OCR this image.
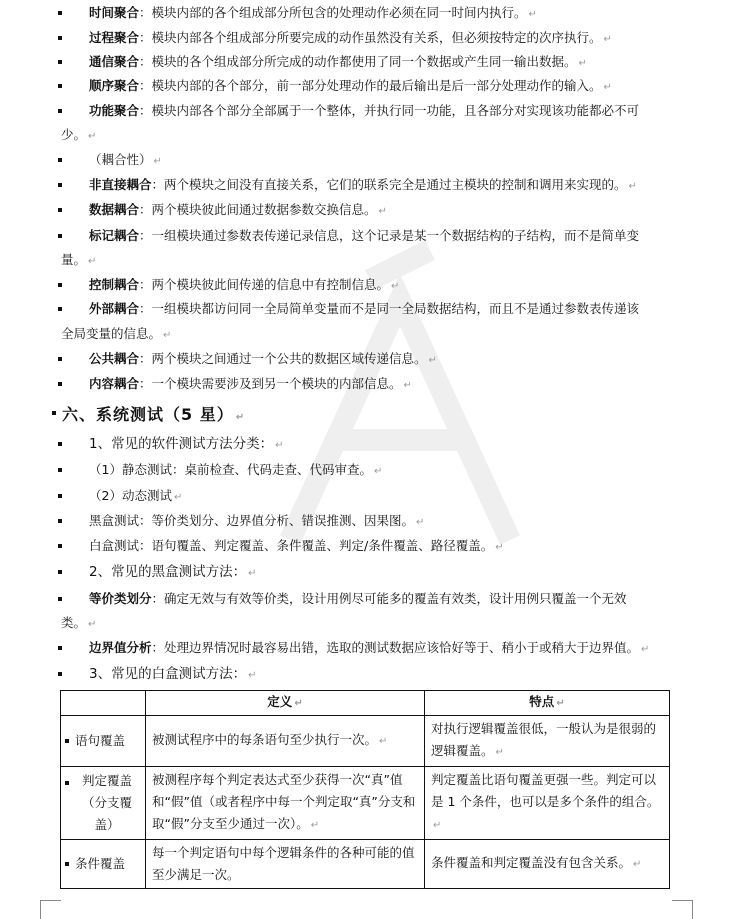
时间聚合：模块内部的各个组成部分所包含的处理动作必须在同一时间内执行。 ↵
过程聚合：模块内部各个组成部分所要完成的动作虽然没有关系，但必须按特定的次序执行。 ↵
通信聚合：模块的各个组成部分所完成的动作都使用了同一个数据或产生同一输出数据。 ↵
顺序聚合：模块内部的各个部分，前一部分处理动作的最后输出是后一部分处理动作的输入。 ↵
功能聚合：模块内部各个部分全部属于一个整体，并执行同一功能，且各部分对实现该功能都必不可
少。 ↵
（耦合性） ↵
非直接耦合：两个模块之间没有直接关系，它们的联系完全是通过主模块的控制和调用来实现的。 ↵
数据耦合：两个模块彼此间通过数据参数交换信息。 ↵
标记耦合：一组模块通过参数表传递记录信息，这个记录是某一个数据结构的子结构，而不是简单变
量。 ↵
控制耦合：两个模块彼此间传递的信息中有控制信息。 ↵
外部耦合：一组模块都访问同一全局简单变量而不是同一全局数据结构，而且不是通过参数表传递该
全局变量的信息。 ↵
公共耦合：两个模块之间通过一个公共的数据区域传递信息。 ↵
内容耦合：一个模块需要涉及到另一个模块的内部信息。 ↵
六、系统测试（5 星） ↵
1、常见的软件测试方法分类： ↵
（1）静态测试：桌前检查、代码走查、代码审查。 ↵
（2）动态测试 ↵
黑盒测试：等价类划分、边界值分析、错误推测、因果图。 ↵
白盒测试：语句覆盖、判定覆盖、条件覆盖、判定/条件覆盖、路径覆盖。 ↵
2、常见的黑盒测试方法： ↵
等价类划分：确定无效与有效等价类，设计用例尽可能多的覆盖有效类，设计用例只覆盖一个无效
类。 ↵
边界值分析：处理边界情况时最容易出错，选取的测试数据应该恰好等于、稍小于或稍大于边界值。 ↵
3、常见的白盒测试方法： ↵
	定义 ↵	特点 ↵

语句覆盖	被测试程序中的每条语句至少执行一次。 ↵	对执行逻辑覆盖很低，一般认为是很弱的逻辑覆盖。 ↵

判定覆盖（分支覆盖）	被测程序每个判定表达式至少获得一次“真”值和“假”值（或者程序中每一个判定取“真”分支和取“假”分支至少通过一次）。 ↵	判定覆盖比语句覆盖更强一些。判定可以是 1 个条件，也可以是多个条件的组合。↵

条件覆盖	每一个判定语句中每个逻辑条件的各种可能的值至少满足一次。	条件覆盖和判定覆盖没有包含关系。 ↵
